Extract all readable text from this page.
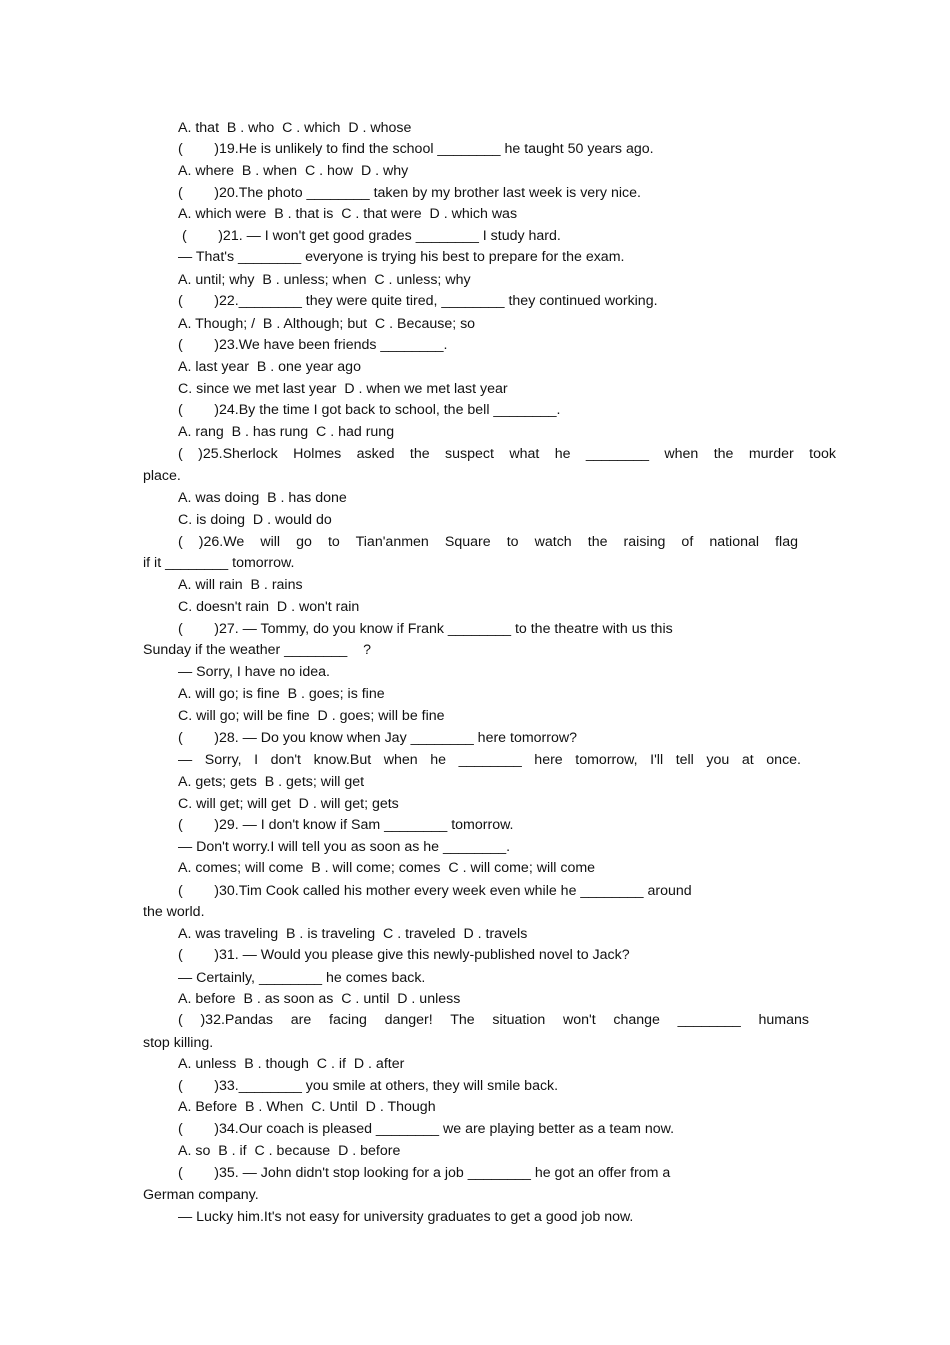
A. that  B . who  C . which  D . whose
(        )19.He is unlikely to find the school ________ he taught 50 years ago.
A. where  B . when  C . how  D . why
(        )20.The photo ________ taken by my brother last week is very nice.
A. which were  B . that is  C . that were  D . which was
(        )21. — I won't get good grades ________ I study hard.
— That's ________ everyone is trying his best to prepare for the exam.
A. until; why  B . unless; when  C . unless; why
(        )22.________ they were quite tired, ________ they continued working.
A. Though; /  B . Although; but  C . Because; so
(        )23.We have been friends ________.
A. last year  B . one year ago
C. since we met last year  D . when we met last year
(        )24.By the time I got back to school, the bell ________.
A. rang  B . has rung  C . had rung
( )25.Sherlock Holmes asked the suspect what he ________ when the murder took
place.
A. was doing  B . has done
C. is doing  D . would do
( )26.We will go to Tian'anmen Square to watch the raising of national flag
if it ________ tomorrow.
A. will rain  B . rains
C. doesn't rain  D . won't rain
(        )27. — Tommy, do you know if Frank ________ to the theatre with us this
Sunday if the weather ________    ?
— Sorry, I have no idea.
A. will go; is fine  B . goes; is fine
C. will go; will be fine  D . goes; will be fine
(        )28. — Do you know when Jay ________ here tomorrow?
— Sorry, I don't know.But when he ________ here tomorrow, I'll tell you at once.
A. gets; gets  B . gets; will get
C. will get; will get  D . will get; gets
(        )29. — I don't know if Sam ________ tomorrow.
— Don't worry.I will tell you as soon as he ________.
A. comes; will come  B . will come; comes  C . will come; will come
(        )30.Tim Cook called his mother every week even while he ________ around
the world.
A. was traveling  B . is traveling  C . traveled  D . travels
(        )31. — Would you please give this newly-published novel to Jack?
— Certainly, ________ he comes back.
A. before  B . as soon as  C . until  D . unless
( )32.Pandas are facing danger! The situation won't change ________ humans
stop killing.
A. unless  B . though  C . if  D . after
(        )33.________ you smile at others, they will smile back.
A. Before  B . When  C. Until  D . Though
(        )34.Our coach is pleased ________ we are playing better as a team now.
A. so  B . if  C . because  D . before
(        )35. — John didn't stop looking for a job ________ he got an offer from a
German company.
— Lucky him.It's not easy for university graduates to get a good job now.
